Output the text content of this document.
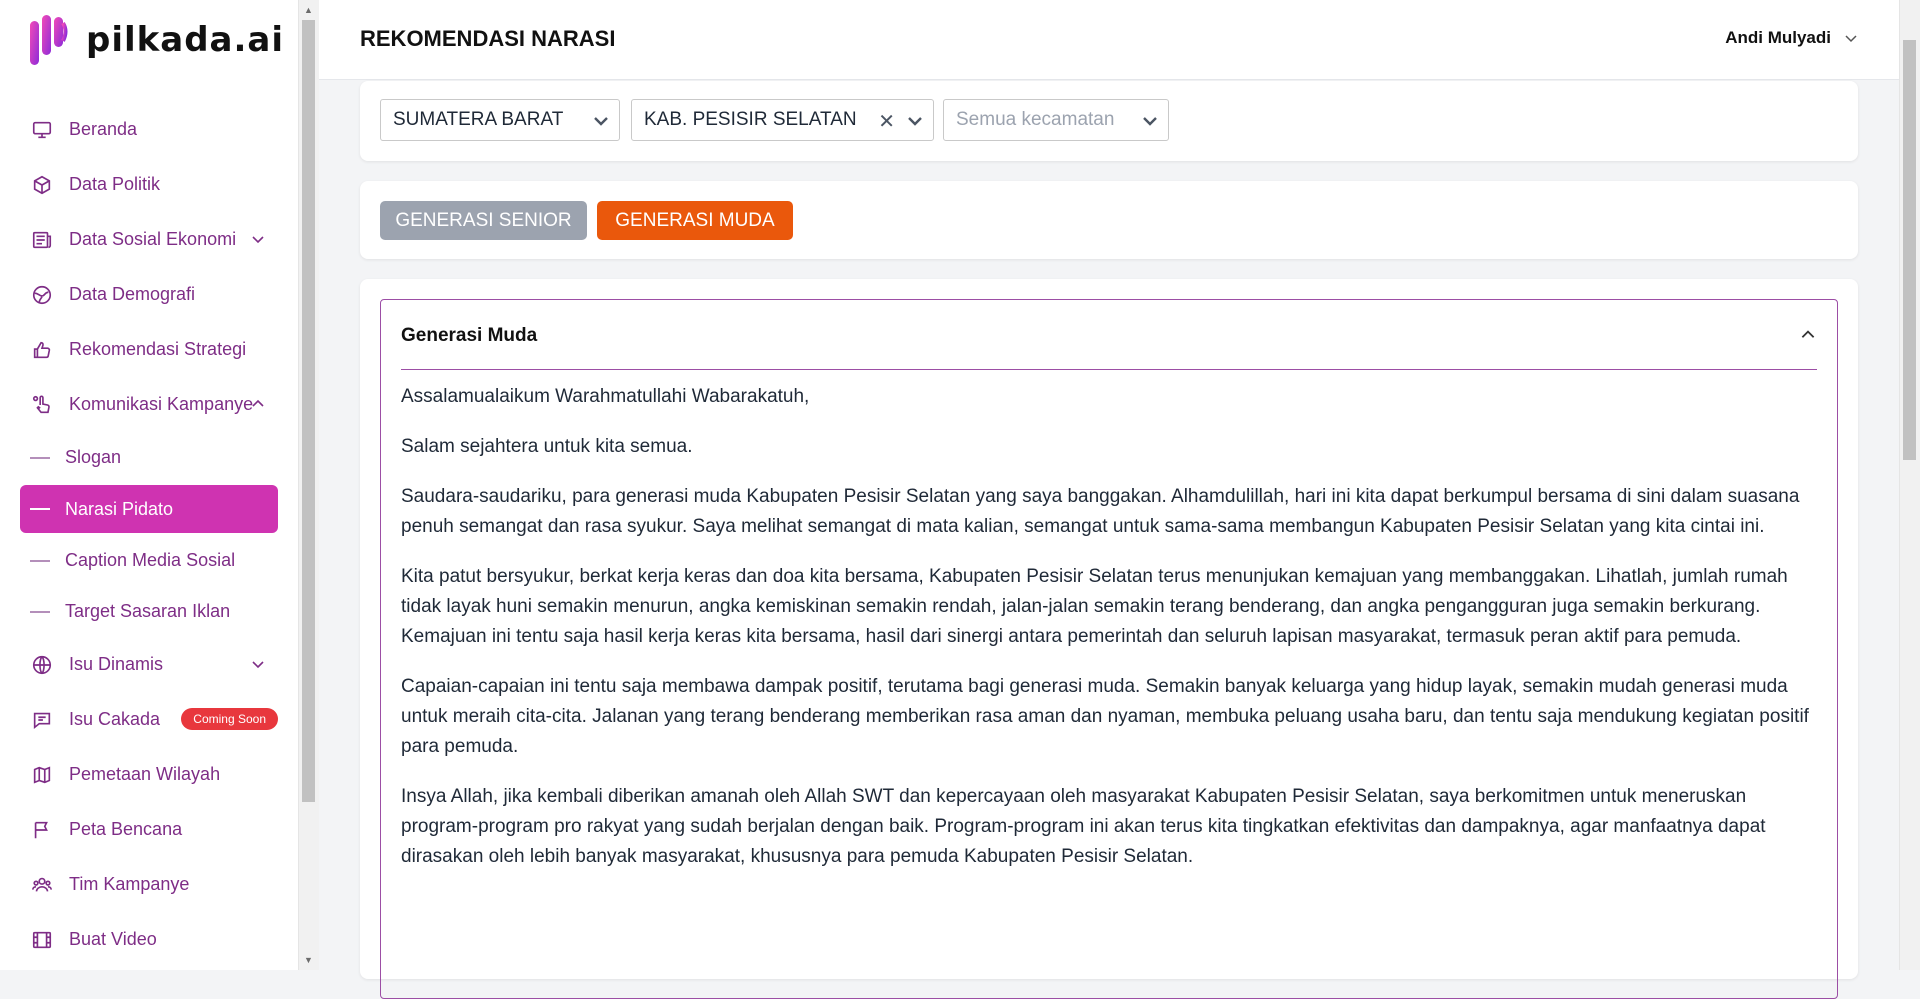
pilkada.ai
Beranda
Data Politik
Data Sosial Ekonomi
Data Demografi
Rekomendasi Strategi
Komunikasi Kampanye
Slogan
Narasi Pidato
Caption Media Sosial
Target Sasaran Iklan
Isu Dinamis
Isu Cakada	Coming Soon
Pemetaan Wilayah
Peta Bencana
Tim Kampanye
Buat Video
▲
▼
REKOMENDASI NARASI	Andi Mulyadi
SUMATERA BARAT	KAB. PESISIR SELATAN ✕	Semua kecamatan
GENERASI SENIOR	GENERASI MUDA
Generasi Muda

Assalamualaikum Warahmatullahi Wabarakatuh,

Salam sejahtera untuk kita semua.

Saudara-saudariku, para generasi muda Kabupaten Pesisir Selatan yang saya banggakan. Alhamdulillah, hari ini kita dapat berkumpul bersama di sini dalam suasana penuh semangat dan rasa syukur. Saya melihat semangat di mata kalian, semangat untuk sama-sama membangun Kabupaten Pesisir Selatan yang kita cintai ini.

Kita patut bersyukur, berkat kerja keras dan doa kita bersama, Kabupaten Pesisir Selatan terus menunjukan kemajuan yang membanggakan. Lihatlah, jumlah rumah tidak layak huni semakin menurun, angka kemiskinan semakin rendah, jalan-jalan semakin terang benderang, dan angka pengangguran juga semakin berkurang. Kemajuan ini tentu saja hasil kerja keras kita bersama, hasil dari sinergi antara pemerintah dan seluruh lapisan masyarakat, termasuk peran aktif para pemuda.

Capaian-capaian ini tentu saja membawa dampak positif, terutama bagi generasi muda. Semakin banyak keluarga yang hidup layak, semakin mudah generasi muda untuk meraih cita-cita. Jalanan yang terang benderang memberikan rasa aman dan nyaman, membuka peluang usaha baru, dan tentu saja mendukung kegiatan positif para pemuda.

Insya Allah, jika kembali diberikan amanah oleh Allah SWT dan kepercayaan oleh masyarakat Kabupaten Pesisir Selatan, saya berkomitmen untuk meneruskan program-program pro rakyat yang sudah berjalan dengan baik. Program-program ini akan terus kita tingkatkan efektivitas dan dampaknya, agar manfaatnya dapat dirasakan oleh lebih banyak masyarakat, khususnya para pemuda Kabupaten Pesisir Selatan.
